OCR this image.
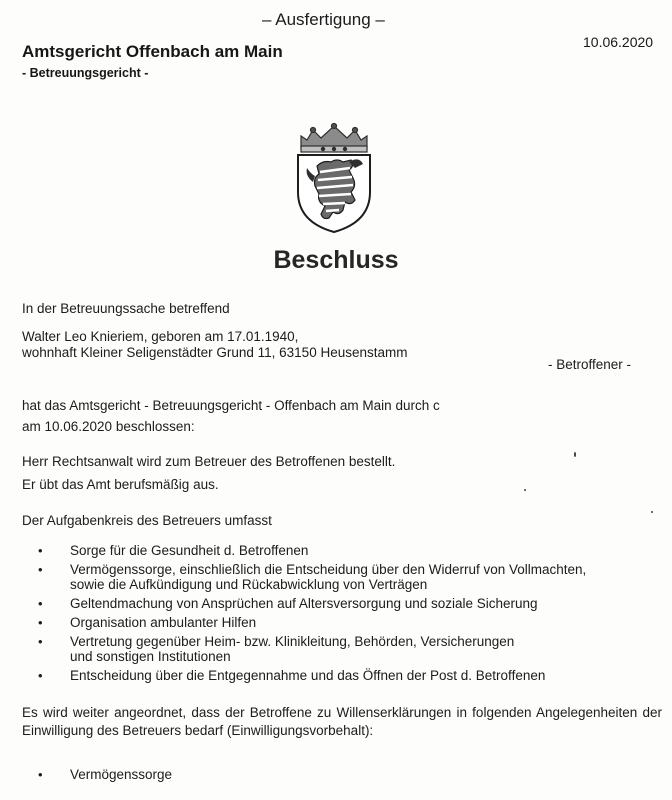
– Ausfertigung –
10.06.2020
Amtsgericht Offenbach am Main
- Betreuungsgericht -
Beschluss
In der Betreuungssache betreffend
Walter Leo Knieriem, geboren am 17.01.1940,
wohnhaft Kleiner Seligenstädter Grund 11, 63150 Heusenstamm
- Betroffener -
hat das Amtsgericht - Betreuungsgericht - Offenbach am Main durch c
am 10.06.2020 beschlossen:
Herr Rechtsanwalt wird zum Betreuer des Betroffenen bestellt.
Er übt das Amt berufsmäßig aus.
Der Aufgabenkreis des Betreuers umfasst
• Sorge für die Gesundheit d. Betroffenen
• Vermögenssorge, einschließlich die Entscheidung über den Widerruf von Vollmachten,
sowie die Aufkündigung und Rückabwicklung von Verträgen
• Geltendmachung von Ansprüchen auf Altersversorgung und soziale Sicherung
• Organisation ambulanter Hilfen
• Vertretung gegenüber Heim- bzw. Klinikleitung, Behörden, Versicherungen
und sonstigen Institutionen
• Entscheidung über die Entgegennahme und das Öffnen der Post d. Betroffenen
Es wird weiter angeordnet, dass der Betroffene zu Willenserklärungen in folgenden Angelegenheiten der Einwilligung des Betreuers bedarf (Einwilligungsvorbehalt):
• Vermögenssorge
